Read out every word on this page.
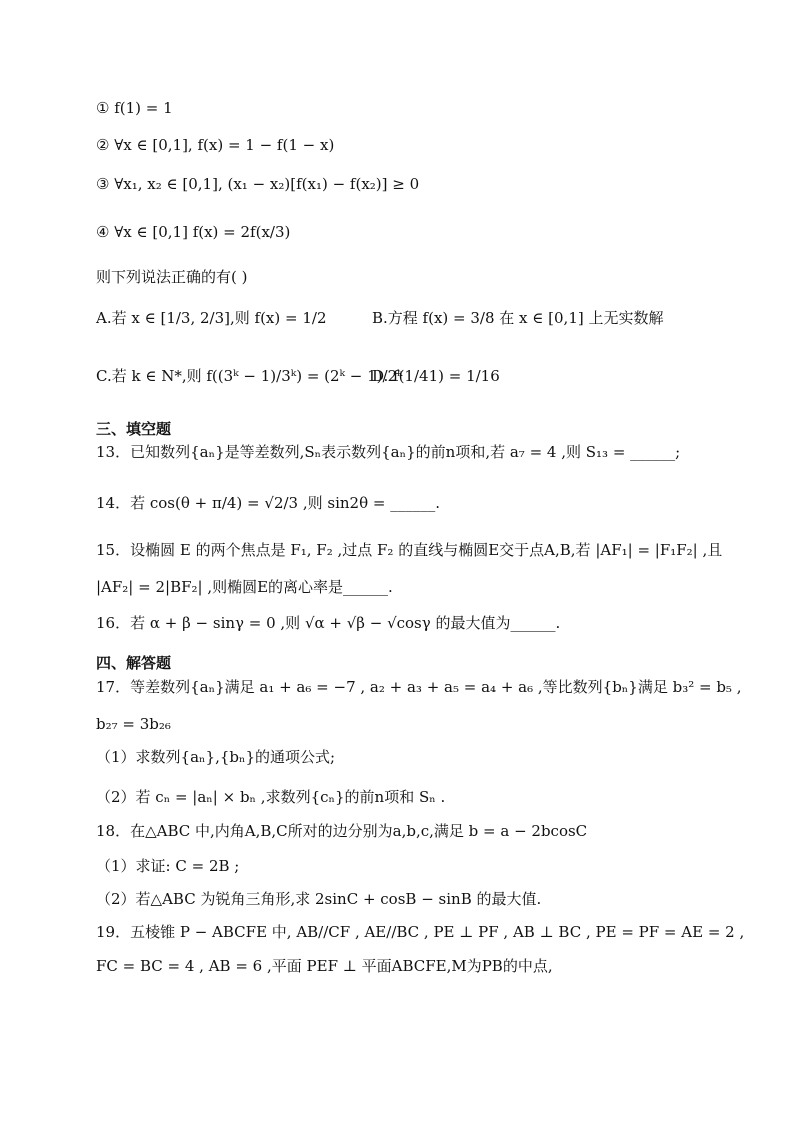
① f(1) = 1
② ∀x ∈ [0,1], f(x) = 1 − f(1 − x)
③ ∀x₁, x₂ ∈ [0,1], (x₁ − x₂)[f(x₁) − f(x₂)] ≥ 0
④ ∀x ∈ [0,1] f(x) = 2f(x/3)
则下列说法正确的有( )
A.若 x ∈ [1/3, 2/3],则 f(x) = 1/2	B.方程 f(x) = 3/8 在 x ∈ [0,1] 上无实数解
C.若 k ∈ N*,则 f((3ᵏ − 1)/3ᵏ) = (2ᵏ − 1)/2ᵏ
D. f(1/41) = 1/16
三、填空题
13．已知数列{aₙ}是等差数列,Sₙ表示数列{aₙ}的前n项和,若 a₇ = 4 ,则 S₁₃ = ______;
14．若 cos(θ + π/4) = √2/3 ,则 sin2θ = ______.
15．设椭圆 E 的两个焦点是 F₁, F₂ ,过点 F₂ 的直线与椭圆E交于点A,B,若 |AF₁| = |F₁F₂| ,且
|AF₂| = 2|BF₂| ,则椭圆E的离心率是______.
16．若 α + β − sinγ = 0 ,则 √α + √β − √cosγ 的最大值为______.
四、解答题
17．等差数列{aₙ}满足 a₁ + a₆ = −7 , a₂ + a₃ + a₅ = a₄ + a₆ ,等比数列{bₙ}满足 b₃² = b₅ ,
b₂₇ = 3b₂₆
（1）求数列{aₙ},{bₙ}的通项公式;
（2）若 cₙ = |aₙ| × bₙ ,求数列{cₙ}的前n项和 Sₙ .
18．在△ABC 中,内角A,B,C所对的边分别为a,b,c,满足 b = a − 2bcosC
（1）求证: C = 2B ;
（2）若△ABC 为锐角三角形,求 2sinC + cosB − sinB 的最大值.
19．五棱锥 P − ABCFE 中, AB//CF , AE//BC , PE ⊥ PF , AB ⊥ BC , PE = PF = AE = 2 ,
FC = BC = 4 , AB = 6 ,平面 PEF ⊥ 平面ABCFE,M为PB的中点,
